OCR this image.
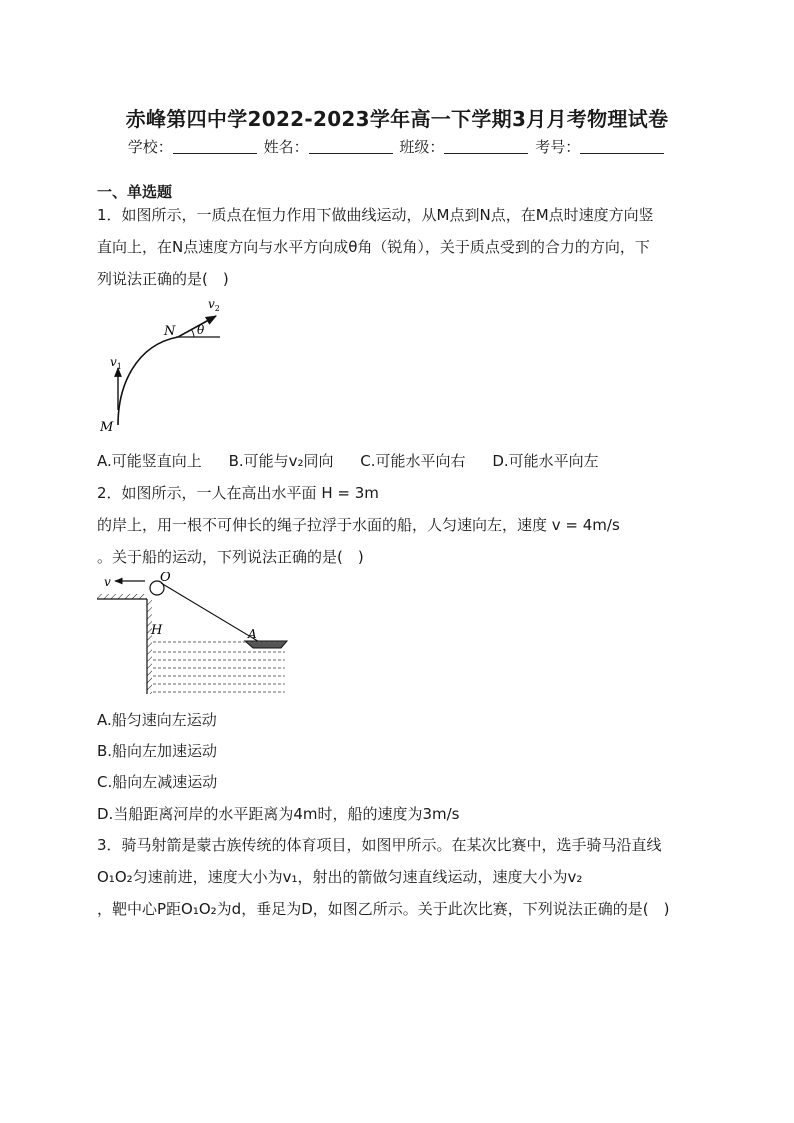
赤峰第四中学2022-2023学年高一下学期3月月考物理试卷
学校：	姓名：	班级：	考号：
一、单选题
1．如图所示，一质点在恒力作用下做曲线运动，从M点到N点，在M点时速度方向竖
直向上，在N点速度方向与水平方向成θ角（锐角），关于质点受到的合力的方向，下
列说法正确的是( )
$v_2$
N θ
$v_1$
M
A.可能竖直向上 B.可能与v₂同向 C.可能水平向右 D.可能水平向左
2．如图所示，一人在高出水平面 H = 3m
的岸上，用一根不可伸长的绳子拉浮于水面的船，人匀速向左，速度 v = 4m/s
。关于船的运动，下列说法正确的是( )
v	O
H	A
A.船匀速向左运动
B.船向左加速运动
C.船向左减速运动
D.当船距离河岸的水平距离为4m时，船的速度为3m/s
3．骑马射箭是蒙古族传统的体育项目，如图甲所示。在某次比赛中，选手骑马沿直线
O₁O₂匀速前进，速度大小为v₁，射出的箭做匀速直线运动，速度大小为v₂
，靶中心P距O₁O₂为d，垂足为D，如图乙所示。关于此次比赛，下列说法正确的是( )
